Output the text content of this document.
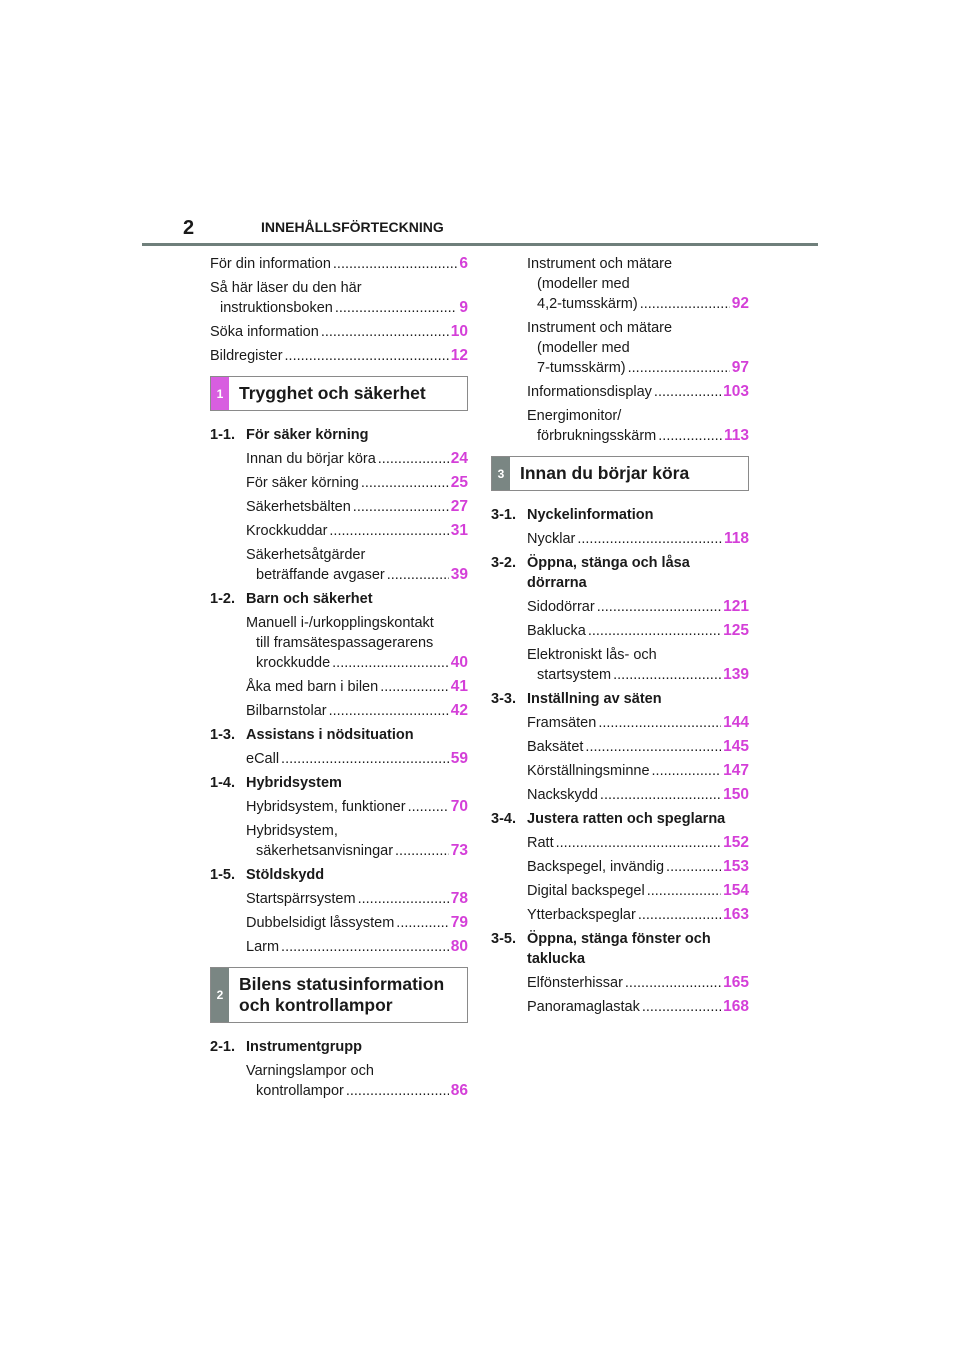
2	INNEHÅLLSFÖRTECKNING
För din information .....	6
Så här läser du den här
instruktionsboken .....	9
Söka information .....	10
Bildregister .....	12
1 Trygghet och säkerhet
1-1. För säker körning
Innan du börjar köra .....	24
För säker körning .....	25
Säkerhetsbälten .....	27
Krockkuddar .....	31
Säkerhetsåtgärder
beträffande avgaser .....	39
1-2. Barn och säkerhet
Manuell i-/urkopplingskontakt
till framsätespassagerarens
krockkudde .....	40
Åka med barn i bilen .....	41
Bilbarnstolar .....	42
1-3. Assistans i nödsituation
eCall .....	59
1-4. Hybridsystem
Hybridsystem, funktioner .....	70
Hybridsystem,
säkerhetsanvisningar .....	73
1-5. Stöldskydd
Startspärrsystem .....	78
Dubbelsidigt låssystem .....	79
Larm .....	80
2
Bilens statusinformation och kontrollampor
2-1. Instrumentgrupp
Varningslampor och
kontrollampor .....	86
Instrument och mätare
(modeller med
4,2-tumsskärm) .....	92
Instrument och mätare
(modeller med
7-tumsskärm) .....	97
Informationsdisplay .....	103
Energimonitor/
förbrukningsskärm .....	113
3 Innan du börjar köra
3-1. Nyckelinformation
Nycklar .....	118
3-2. Öppna, stänga och låsa dörrarna
Sidodörrar .....	121
Baklucka .....	125
Elektroniskt lås- och
startsystem .....	139
3-3. Inställning av säten
Framsäten .....	144
Baksätet .....	145
Körställningsminne .....	147
Nackskydd .....	150
3-4. Justera ratten och speglarna
Ratt .....	152
Backspegel, invändig .....	153
Digital backspegel .....	154
Ytterbackspeglar .....	163
3-5. Öppna, stänga fönster och taklucka
Elfönsterhissar .....	165
Panoramaglastak .....	168
